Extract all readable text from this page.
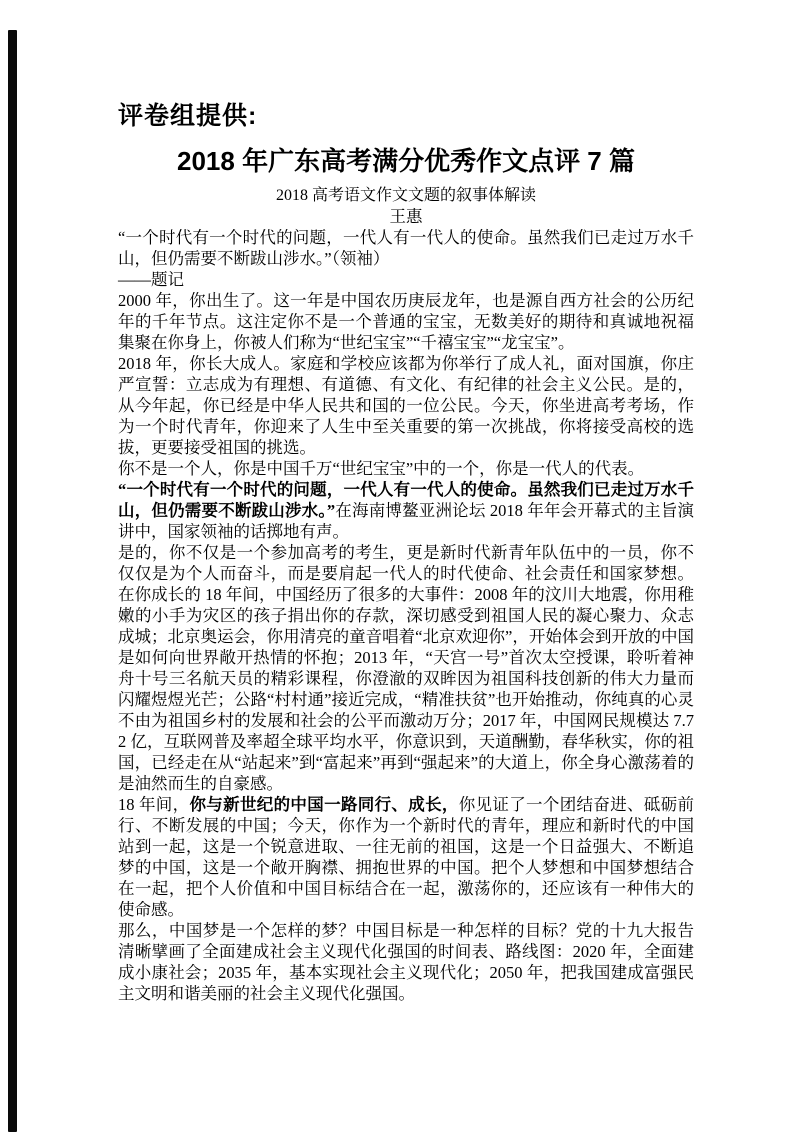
评卷组提供:
2018 年广东高考满分优秀作文点评 7 篇
2018 高考语文作文文题的叙事体解读
王惠

“一个时代有一个时代的问题，一代人有一代人的使命。虽然我们已走过万水千山，但仍需要不断跋山涉水。”（领袖）

——题记

2000 年，你出生了。这一年是中国农历庚辰龙年，也是源自西方社会的公历纪年的千年节点。这注定你不是一个普通的宝宝，无数美好的期待和真诚地祝福集聚在你身上，你被人们称为“世纪宝宝”“千禧宝宝”“龙宝宝”。

2018 年，你长大成人。家庭和学校应该都为你举行了成人礼，面对国旗，你庄严宣誓：立志成为有理想、有道德、有文化、有纪律的社会主义公民。是的，从今年起，你已经是中华人民共和国的一位公民。今天，你坐进高考考场，作为一个时代青年，你迎来了人生中至关重要的第一次挑战，你将接受高校的选拔，更要接受祖国的挑选。

你不是一个人，你是中国千万“世纪宝宝”中的一个，你是一代人的代表。

“一个时代有一个时代的问题，一代人有一代人的使命。虽然我们已走过万水千山，但仍需要不断跋山涉水。”在海南博鳌亚洲论坛 2018 年年会开幕式的主旨演讲中，国家领袖的话掷地有声。

是的，你不仅是一个参加高考的考生，更是新时代新青年队伍中的一员，你不仅仅是为个人而奋斗，而是要肩起一代人的时代使命、社会责任和国家梦想。在你成长的 18 年间，中国经历了很多的大事件：2008 年的汶川大地震，你用稚嫩的小手为灾区的孩子捐出你的存款，深切感受到祖国人民的凝心聚力、众志成城；北京奥运会，你用清亮的童音唱着“北京欢迎你”，开始体会到开放的中国是如何向世界敞开热情的怀抱；2013 年，“天宫一号”首次太空授课，聆听着神舟十号三名航天员的精彩课程，你澄澈的双眸因为祖国科技创新的伟大力量而闪耀煜煜光芒；公路“村村通”接近完成，“精准扶贫”也开始推动，你纯真的心灵不由为祖国乡村的发展和社会的公平而激动万分；2017 年，中国网民规模达 7.72 亿，互联网普及率超全球平均水平，你意识到，天道酬勤，春华秋实，你的祖国，已经走在从“站起来”到“富起来”再到“强起来”的大道上，你全身心激荡着的是油然而生的自豪感。

18 年间，你与新世纪的中国一路同行、成长，你见证了一个团结奋进、砥砺前行、不断发展的中国；今天，你作为一个新时代的青年，理应和新时代的中国站到一起，这是一个锐意进取、一往无前的祖国，这是一个日益强大、不断追梦的中国，这是一个敞开胸襟、拥抱世界的中国。把个人梦想和中国梦想结合在一起，把个人价值和中国目标结合在一起，激荡你的，还应该有一种伟大的使命感。

那么，中国梦是一个怎样的梦？中国目标是一种怎样的目标？党的十九大报告清晰擘画了全面建成社会主义现代化强国的时间表、路线图：2020 年，全面建成小康社会；2035 年，基本实现社会主义现代化；2050 年，把我国建成富强民主文明和谐美丽的社会主义现代化强国。
